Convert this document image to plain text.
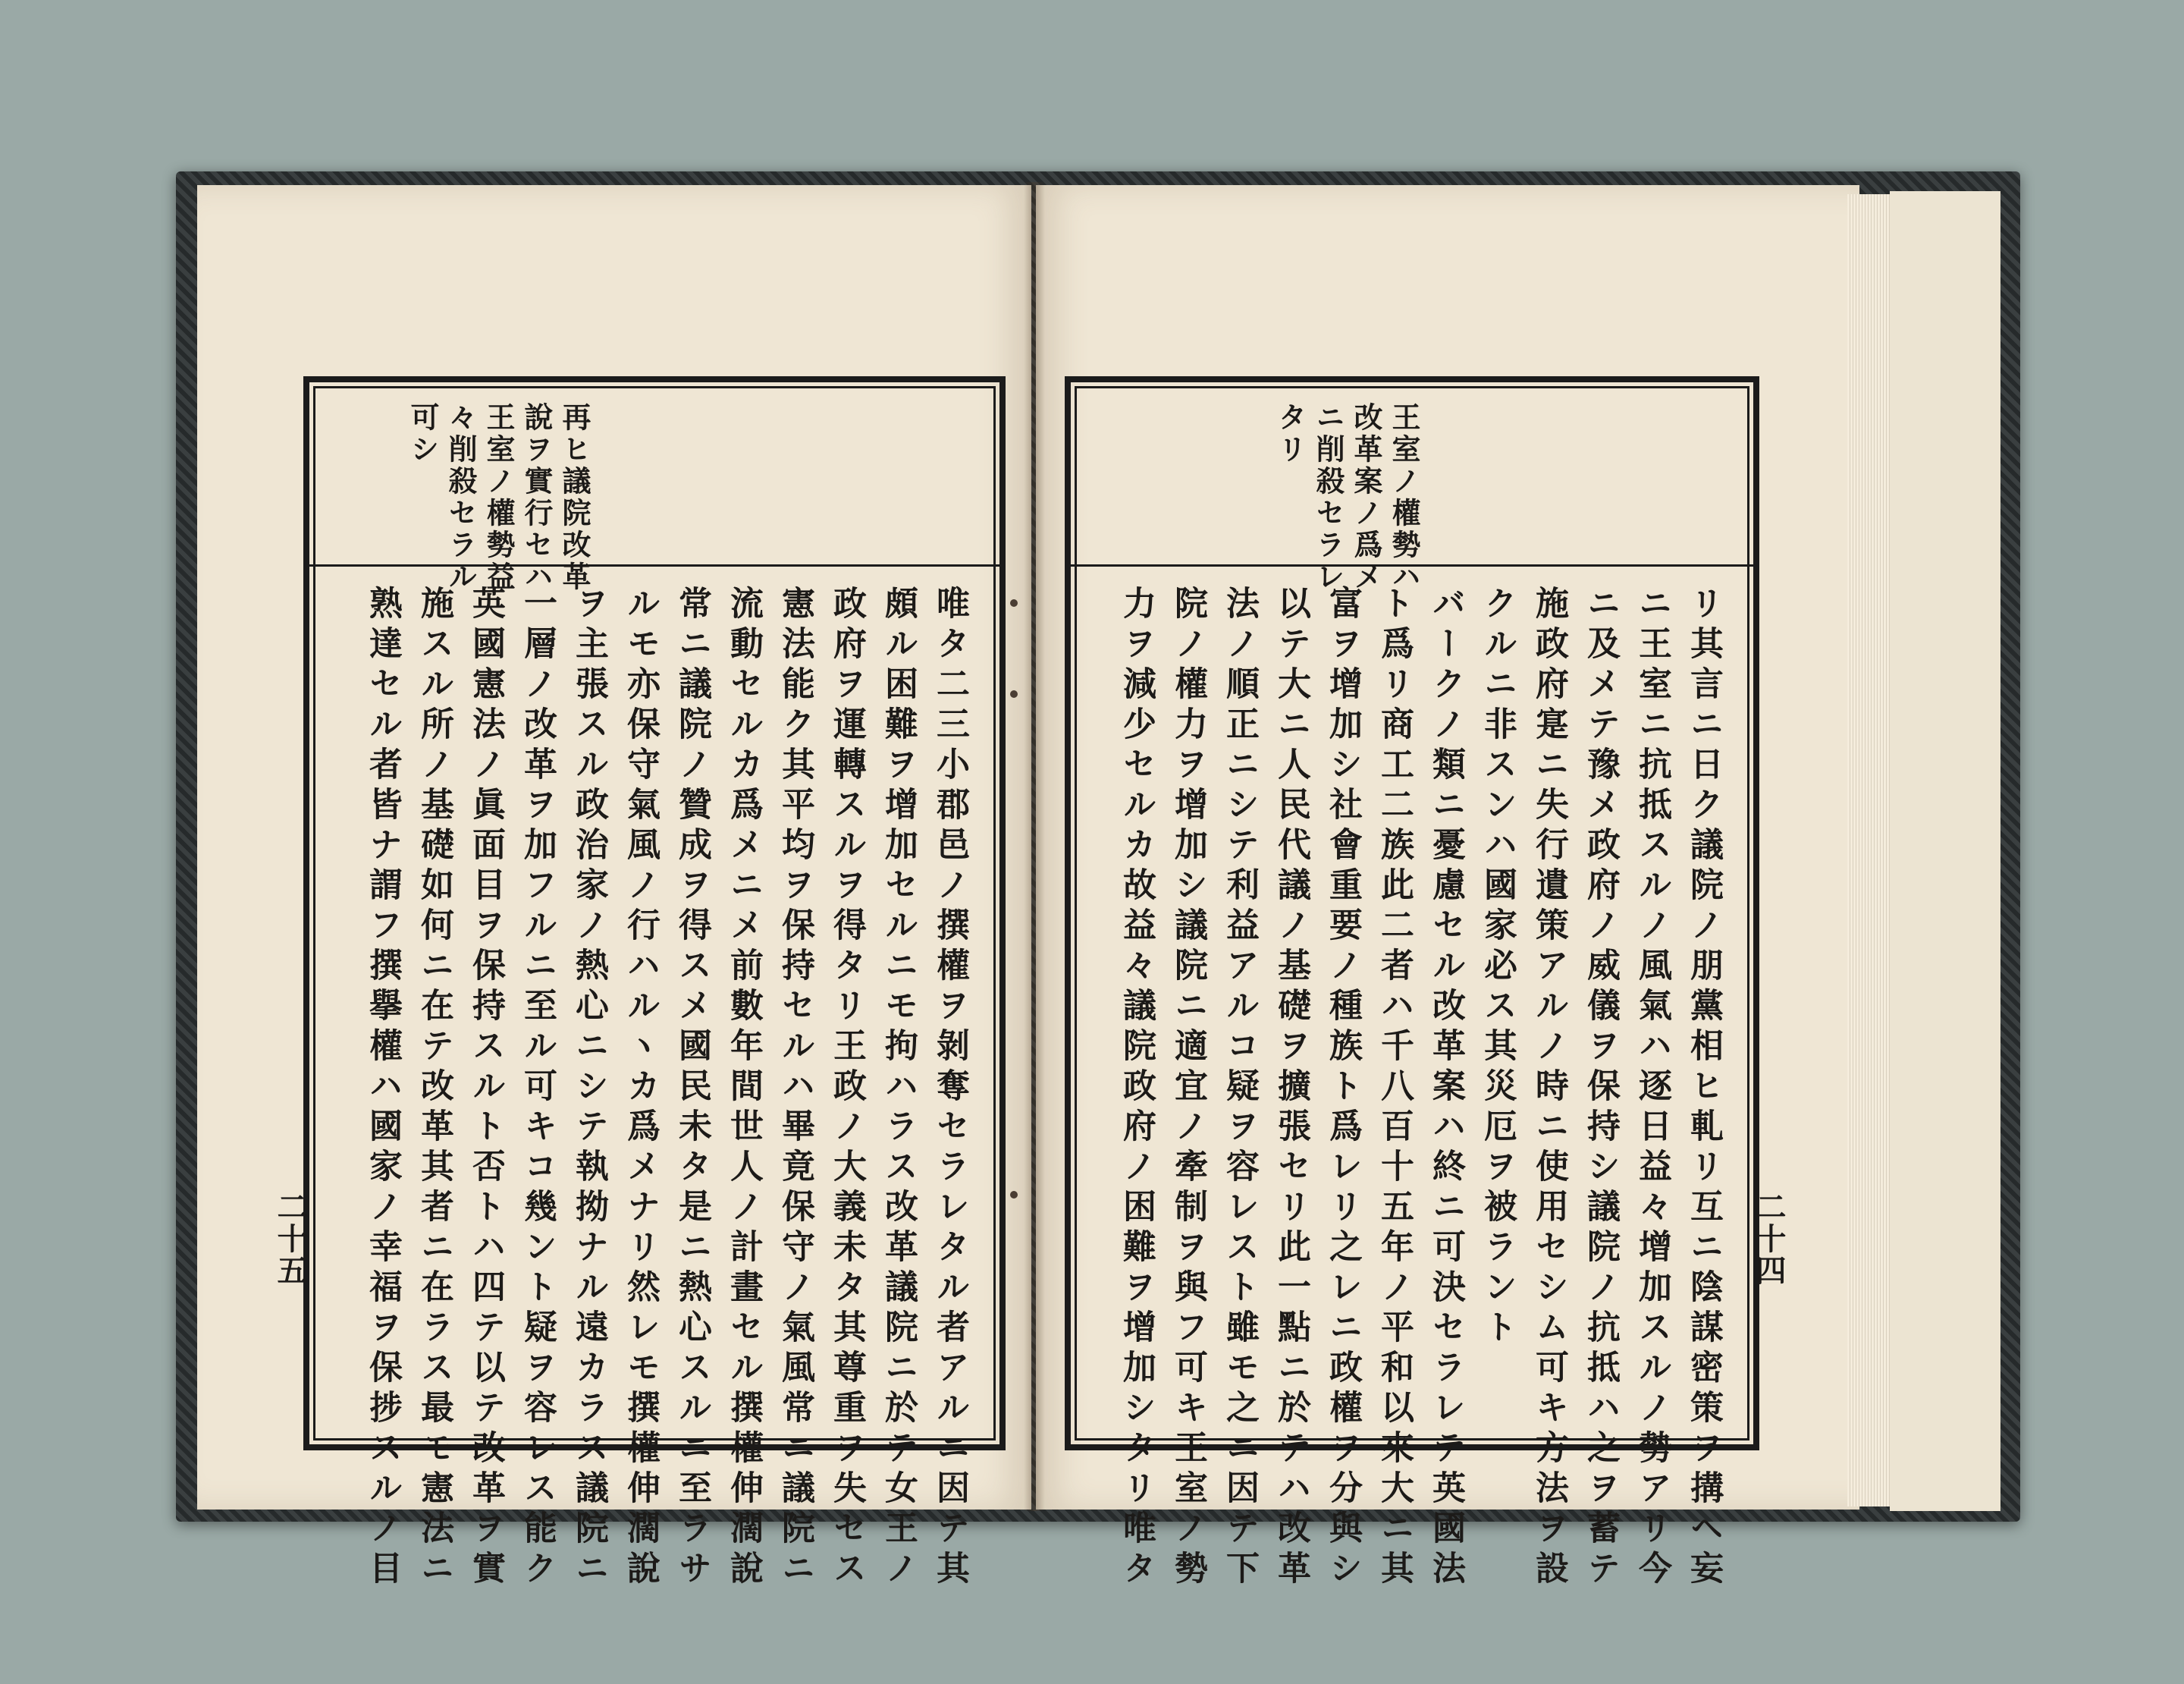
再ヒ議院改革
說ヲ實行セハ
王室ノ權勢益
々削殺セラル
可シ
唯タ二三小郡邑ノ撰權ヲ剝奪セラレタル者アルニ因テ其
頗ル困難ヲ增加セルニモ拘ハラス改革議院ニ於テ女王ノ
政府ヲ運轉スルヲ得タリ王政ノ大義未タ其尊重ヲ失セス
憲法能ク其平均ヲ保持セルハ畢竟保守ノ氣風常ニ議院ニ
流動セルカ爲メニメ前數年間世人ノ計畫セル撰權伸濶說
常ニ議院ノ贊成ヲ得スメ國民未タ是ニ熱心スルニ至ラサ
ルモ亦保守氣風ノ行ハルヽカ爲メナリ然レモ撰權伸濶說
ヲ主張スル政治家ノ熱心ニシテ執拗ナル遠カラス議院ニ
一層ノ改革ヲ加フルニ至ル可キコ幾ント疑ヲ容レス能ク
英國憲法ノ眞面目ヲ保持スルト否トハ四テ以テ改革ヲ實
施スル所ノ基礎如何ニ在テ改革其者ニ在ラス最モ憲法ニ
熟達セル者皆ナ謂フ撰擧權ハ國家ノ幸福ヲ保捗スルノ目
二十五
王室ノ權勢ハ
改革案ノ爲メ
ニ削殺セラレ
タリ
リ其言ニ日ク議院ノ朋黨相ヒ軋リ互ニ陰謀密策ヲ搆ヘ妄
ニ王室ニ抗抵スルノ風氣ハ逐日益々增加スルノ勢アリ今
ニ及メテ豫メ政府ノ威儀ヲ保持シ議院ノ抗抵ハ之ヲ蓄テ
施政府寔ニ失行遺策アルノ時ニ使用セシム可キ方法ヲ設
クルニ非スンハ國家必ス其災厄ヲ被ラント
バークノ類ニ憂慮セル改革案ハ終ニ可決セラレテ英國法
ト爲リ商工二族此二者ハ千八百十五年ノ平和以來大ニ其
富ヲ增加シ社會重要ノ種族ト爲レリ之レニ政權ヲ分與シ
以テ大ニ人民代議ノ基礎ヲ擴張セリ此一點ニ於テハ改革
法ノ順正ニシテ利益アルコ疑ヲ容レスト雖モ之ニ因テ下
院ノ權力ヲ增加シ議院ニ適宜ノ牽制ヲ與フ可キ王室ノ勢
力ヲ減少セルカ故益々議院政府ノ困難ヲ增加シタリ唯タ	二十四
